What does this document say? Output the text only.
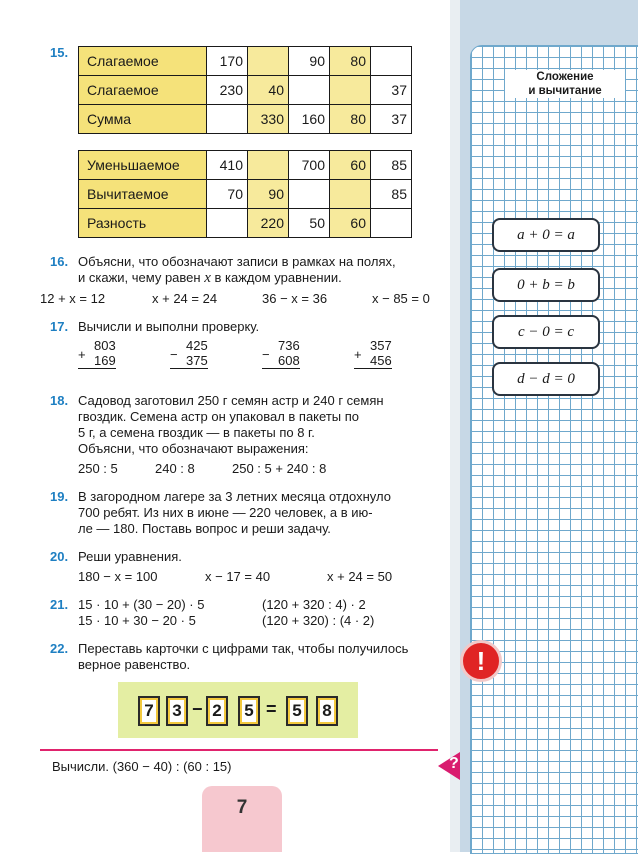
Сложение
и вычитание
a + 0 = a
0 + b = b
c − 0 = c
d − d = 0
15.
Слагаемое	170		90	80	
Слагаемое	230	40			37
Сумма		330	160	80	37
Уменьшаемое	410		700	60	85
Вычитаемое	70	90			85
Разность		220	50	60	
16. Объясни, что обозначают записи в рамках на полях,
и скажи, чему равен x в каждом уравнении.
12 + x = 12	x + 24 = 24	36 − x = 36	x − 85 = 0
17. Вычисли и выполни проверку.
803
+ 169
425
− 375
736
− 608
357
+ 456
18. Садовод заготовил 250 г семян астр и 240 г семян
гвоздик. Семена астр он упаковал в пакеты по
5 г, а семена гвоздик — в пакеты по 8 г.
Объясни, что обозначают выражения:
250 : 5	240 : 8	250 : 5 + 240 : 8
19. В загородном лагере за 3 летних месяца отдохнуло
700 ребят. Из них в июне — 220 человек, а в ию-
ле — 180. Поставь вопрос и реши задачу.
20. Реши уравнения.
180 − x = 100	x − 17 = 40	x + 24 = 50
21. 15 · 10 + (30 − 20) · 5
15 · 10 + 30 − 20 · 5
(120 + 320 : 4) · 2
(120 + 320) : (4 · 2)
22. Переставь карточки с цифрами так, чтобы получилось
верное равенство.	!
7	3 − 2	5 = 5	8
?
Вычисли. (360 − 40) : (60 : 15)
7
